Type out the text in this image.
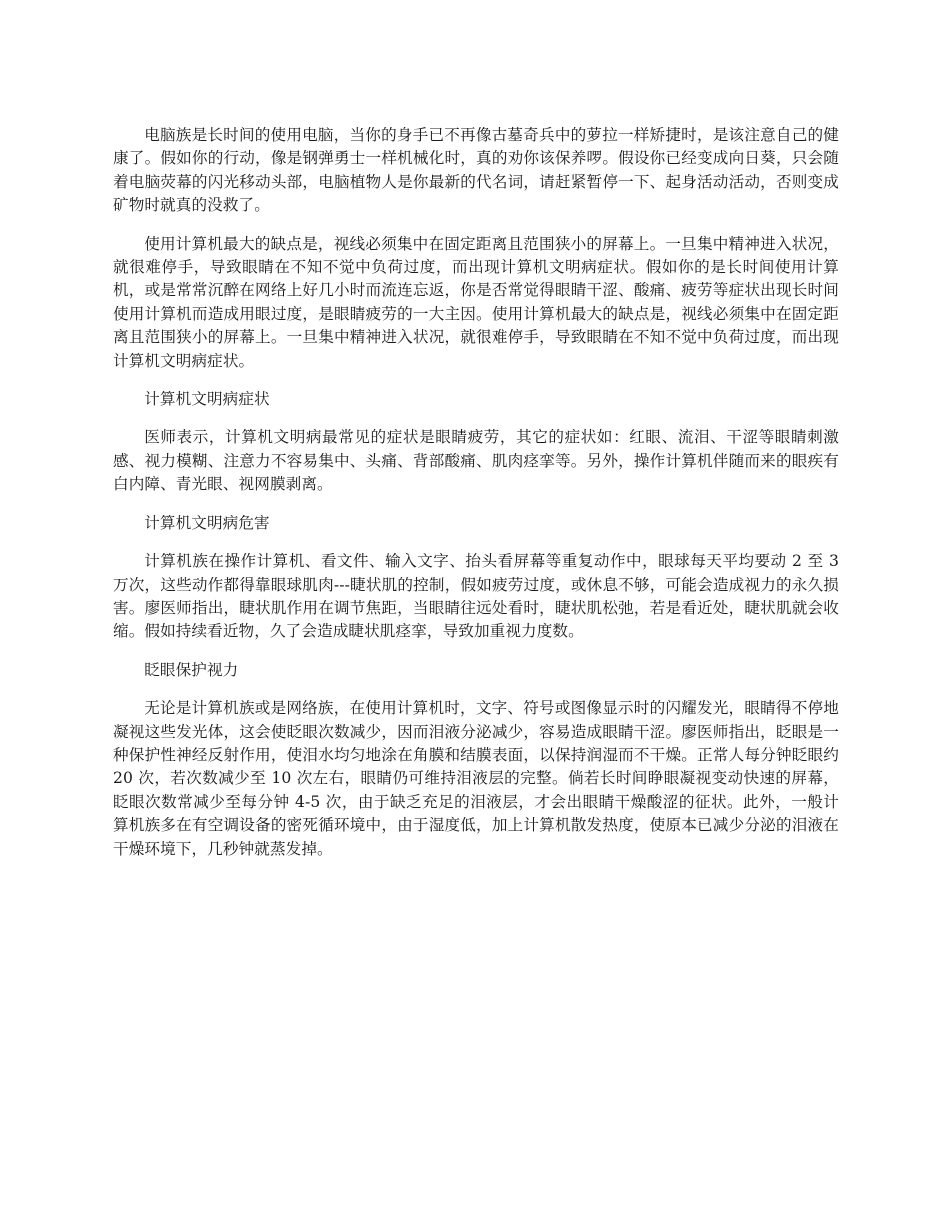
电脑族是长时间的使用电脑，当你的身手已不再像古墓奇兵中的萝拉一样矫捷时，是该注意自己的健康了。假如你的行动，像是钢弹勇士一样机械化时，真的劝你该保养啰。假设你已经变成向日葵，只会随着电脑荧幕的闪光移动头部，电脑植物人是你最新的代名词，请赶紧暂停一下、起身活动活动，否则变成矿物时就真的没救了。

使用计算机最大的缺点是，视线必须集中在固定距离且范围狭小的屏幕上。一旦集中精神进入状况，就很难停手，导致眼睛在不知不觉中负荷过度，而出现计算机文明病症状。假如你的是长时间使用计算机，或是常常沉醉在网络上好几小时而流连忘返，你是否常觉得眼睛干涩、酸痛、疲劳等症状出现长时间使用计算机而造成用眼过度，是眼睛疲劳的一大主因。使用计算机最大的缺点是，视线必须集中在固定距离且范围狭小的屏幕上。一旦集中精神进入状况，就很难停手，导致眼睛在不知不觉中负荷过度，而出现计算机文明病症状。

计算机文明病症状

医师表示，计算机文明病最常见的症状是眼睛疲劳，其它的症状如：红眼、流泪、干涩等眼睛刺激感、视力模糊、注意力不容易集中、头痛、背部酸痛、肌肉痉挛等。另外，操作计算机伴随而来的眼疾有白内障、青光眼、视网膜剥离。

计算机文明病危害

计算机族在操作计算机、看文件、输入文字、抬头看屏幕等重复动作中，眼球每天平均要动 2 至 3 万次，这些动作都得靠眼球肌肉---睫状肌的控制，假如疲劳过度，或休息不够，可能会造成视力的永久损害。廖医师指出，睫状肌作用在调节焦距，当眼睛往远处看时，睫状肌松弛，若是看近处，睫状肌就会收缩。假如持续看近物，久了会造成睫状肌痉挛，导致加重视力度数。

眨眼保护视力

无论是计算机族或是网络族，在使用计算机时，文字、符号或图像显示时的闪耀发光，眼睛得不停地凝视这些发光体，这会使眨眼次数减少，因而泪液分泌减少，容易造成眼睛干涩。廖医师指出，眨眼是一种保护性神经反射作用，使泪水均匀地涂在角膜和结膜表面，以保持润湿而不干燥。正常人每分钟眨眼约 20 次，若次数减少至 10 次左右，眼睛仍可维持泪液层的完整。倘若长时间睁眼凝视变动快速的屏幕，眨眼次数常减少至每分钟 4-5 次，由于缺乏充足的泪液层，才会出眼睛干燥酸涩的征状。此外，一般计算机族多在有空调设备的密死循环境中，由于湿度低，加上计算机散发热度，使原本已减少分泌的泪液在干燥环境下，几秒钟就蒸发掉。
